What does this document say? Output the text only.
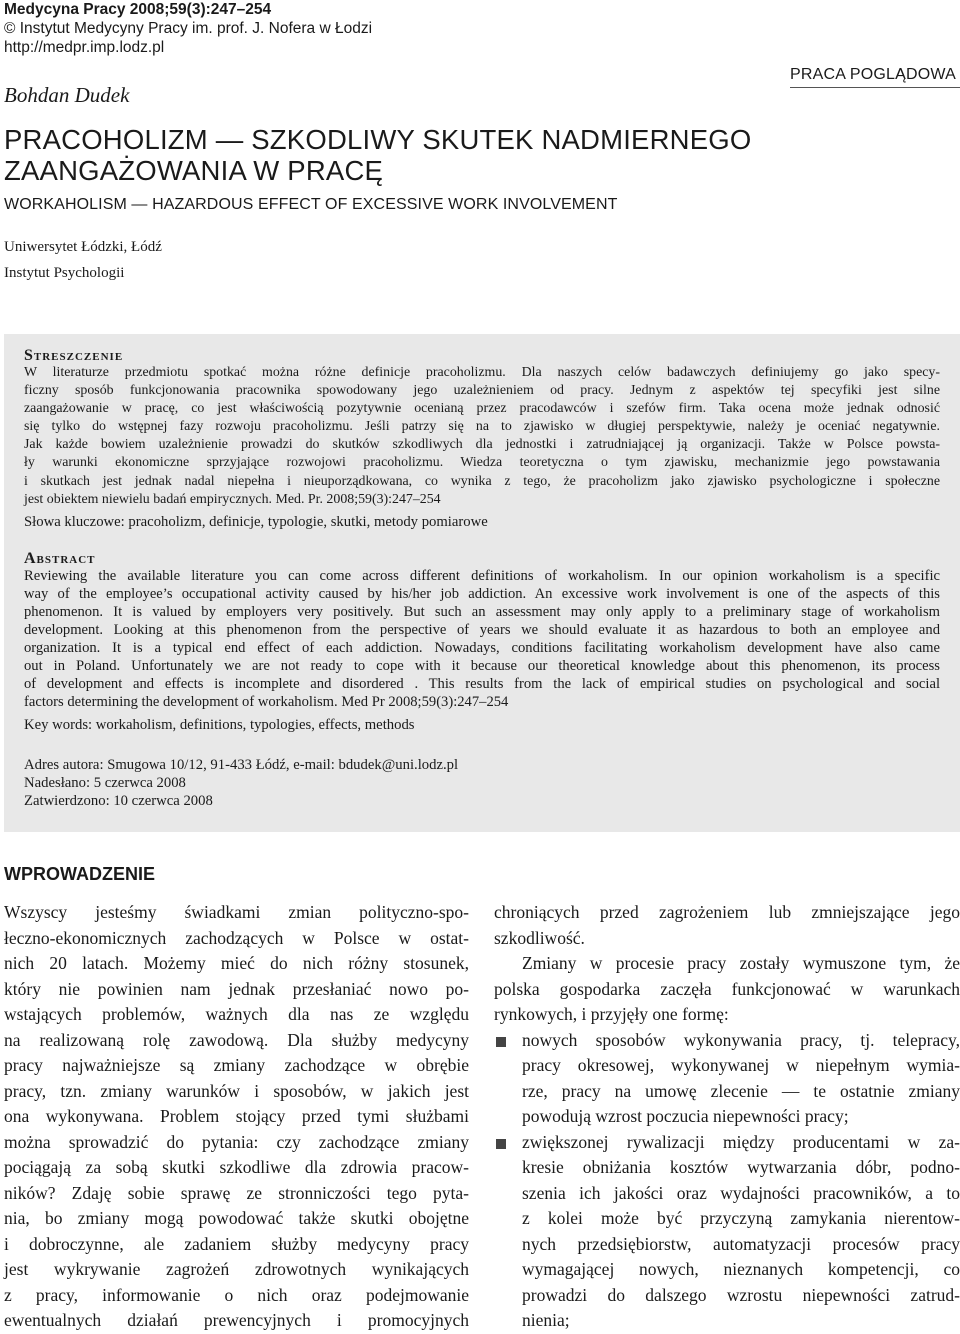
Medycyna Pracy 2008;59(3):247–254
© Instytut Medycyny Pracy im. prof. J. Nofera w Łodzi
http://medpr.imp.lodz.pl
Bohdan Dudek
PRACA POGLĄDOWA
PRACOHOLIZM — SZKODLIWY SKUTEK NADMIERNEGO
ZAANGAŻOWANIA W PRACĘ
WORKAHOLISM — HAZARDOUS EFFECT OF EXCESSIVE WORK INVOLVEMENT
Uniwersytet Łódzki, Łódź
Instytut Psychologii
Streszczenie
W literaturze przedmiotu spotkać można różne definicje pracoholizmu. Dla naszych celów badawczych definiujemy go jako specy-
ficzny sposób funkcjonowania pracownika spowodowany jego uzależnieniem od pracy. Jednym z aspektów tej specyfiki jest silne
zaangażowanie w pracę, co jest właściwością pozytywnie ocenianą przez pracodawców i szefów firm. Taka ocena może jednak odnosić
się tylko do wstępnej fazy rozwoju pracoholizmu. Jeśli patrzy się na to zjawisko w długiej perspektywie, należy je oceniać negatywnie.
Jak każde bowiem uzależnienie prowadzi do skutków szkodliwych dla jednostki i zatrudniającej ją organizacji. Także w Polsce powsta-
ły warunki ekonomiczne sprzyjające rozwojowi pracoholizmu. Wiedza teoretyczna o tym zjawisku, mechanizmie jego powstawania
i skutkach jest jednak nadal niepełna i nieuporządkowana, co wynika z tego, że pracoholizm jako zjawisko psychologiczne i społeczne
jest obiektem niewielu badań empirycznych. Med. Pr. 2008;59(3):247–254
Słowa kluczowe: pracoholizm, definicje, typologie, skutki, metody pomiarowe
Abstract
Reviewing the available literature you can come across different definitions of workaholism. In our opinion workaholism is a specific
way of the employee’s occupational activity caused by his/her job addiction. An excessive work involvement is one of the aspects of this
phenomenon. It is valued by employers very positively. But such an assessment may only apply to a preliminary stage of workaholism
development. Looking at this phenomenon from the perspective of years we should evaluate it as hazardous to both an employee and
organization. It is a typical end effect of each addiction. Nowadays, conditions facilitating workaholism development have also came
out in Poland. Unfortunately we are not ready to cope with it because our theoretical knowledge about this phenomenon, its process
of development and effects is incomplete and disordered . This results from the lack of empirical studies on psychological and social
factors determining the development of workaholism. Med Pr 2008;59(3):247–254
Key words: workaholism, definitions, typologies, effects, methods
Adres autora: Smugowa 10/12, 91-433 Łódź, e-mail: bdudek@uni.lodz.pl
Nadesłano: 5 czerwca 2008
Zatwierdzono: 10 czerwca 2008
WPROWADZENIE
Wszyscy jesteśmy świadkami zmian polityczno-spo-
łeczno-ekonomicznych zachodzących w Polsce w ostat-
nich 20 latach. Możemy mieć do nich różny stosunek,
który nie powinien nam jednak przesłaniać nowo po-
wstających problemów, ważnych dla nas ze względu
na realizowaną rolę zawodową. Dla służby medycyny
pracy najważniejsze są zmiany zachodzące w obrębie
pracy, tzn. zmiany warunków i sposobów, w jakich jest
ona wykonywana. Problem stojący przed tymi służbami
można sprowadzić do pytania: czy zachodzące zmiany
pociągają za sobą skutki szkodliwe dla zdrowia pracow-
ników? Zdaję sobie sprawę ze stronniczości tego pyta-
nia, bo zmiany mogą powodować także skutki obojętne
i dobroczynne, ale zadaniem służby medycyny pracy
jest wykrywanie zagrożeń zdrowotnych wynikających
z pracy, informowanie o nich oraz podejmowanie
ewentualnych działań prewencyjnych i promocyjnych
chroniących przed zagrożeniem lub zmniejszające jego
szkodliwość.
Zmiany w procesie pracy zostały wymuszone tym, że
polska gospodarka zaczęła funkcjonować w warunkach
rynkowych, i przyjęły one formę:
nowych sposobów wykonywania pracy, tj. telepracy,
pracy okresowej, wykonywanej w niepełnym wymia-
rze, pracy na umowę zlecenie — te ostatnie zmiany
powodują wzrost poczucia niepewności pracy;
zwiększonej rywalizacji między producentami w za-
kresie obniżania kosztów wytwarzania dóbr, podno-
szenia ich jakości oraz wydajności pracowników, a to
z kolei może być przyczyną zamykania nierentow-
nych przedsiębiorstw, automatyzacji procesów pracy
wymagającej nowych, nieznanych kompetencji, co
prowadzi do dalszego wzrostu niepewności zatrud-
nienia;
